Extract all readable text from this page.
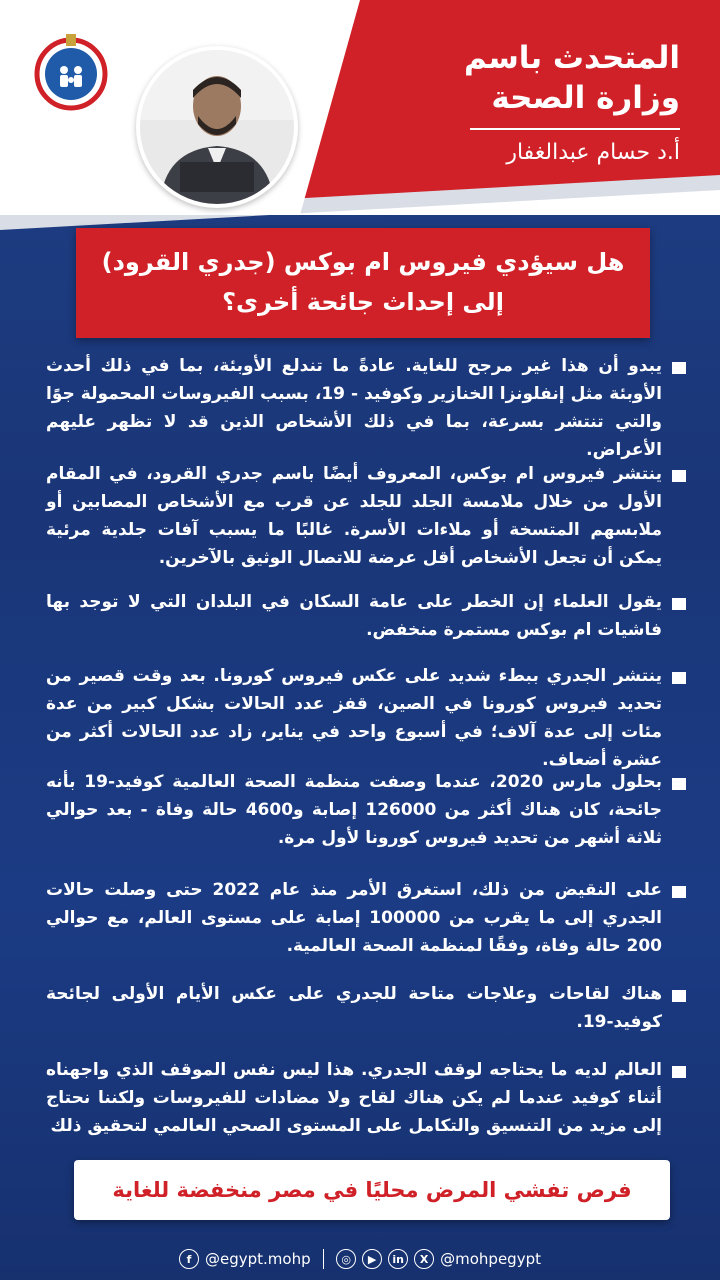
المتحدث باسم
وزارة الصحة
أ.د حسام عبدالغفار
هل سيؤدي فيروس ام بوكس (جدري القرود)
إلى إحداث جائحة أخرى؟
يبدو أن هذا غير مرجح للغاية. عادةً ما تندلع الأوبئة، بما في ذلك أحدث الأوبئة مثل إنفلونزا الخنازير وكوفيد - 19، بسبب الفيروسات المحمولة جوًا والتي تنتشر بسرعة، بما في ذلك الأشخاص الذين قد لا تظهر عليهم الأعراض.
ينتشر فيروس ام بوكس، المعروف أيضًا باسم جدري القرود، في المقام الأول من خلال ملامسة الجلد للجلد عن قرب مع الأشخاص المصابين أو ملابسهم المتسخة أو ملاءات الأسرة. غالبًا ما يسبب آفات جلدية مرئية يمكن أن تجعل الأشخاص أقل عرضة للاتصال الوثيق بالآخرين.
يقول العلماء إن الخطر على عامة السكان في البلدان التي لا توجد بها فاشيات ام بوكس مستمرة منخفض.
ينتشر الجدري ببطء شديد على عكس فيروس كورونا. بعد وقت قصير من تحديد فيروس كورونا في الصين، قفز عدد الحالات بشكل كبير من عدة مئات إلى عدة آلاف؛ في أسبوع واحد في يناير، زاد عدد الحالات أكثر من عشرة أضعاف.
بحلول مارس 2020، عندما وصفت منظمة الصحة العالمية كوفيد-19 بأنه جائحة، كان هناك أكثر من 126000 إصابة و4600 حالة وفاة - بعد حوالي ثلاثة أشهر من تحديد فيروس كورونا لأول مرة.
على النقيض من ذلك، استغرق الأمر منذ عام 2022 حتى وصلت حالات الجدري إلى ما يقرب من 100000 إصابة على مستوى العالم، مع حوالي 200 حالة وفاة، وفقًا لمنظمة الصحة العالمية.
هناك لقاحات وعلاجات متاحة للجدري على عكس الأيام الأولى لجائحة كوفيد-19.
العالم لديه ما يحتاجه لوقف الجدري. هذا ليس نفس الموقف الذي واجهناه أثناء كوفيد عندما لم يكن هناك لقاح ولا مضادات للفيروسات ولكننا نحتاج إلى مزيد من التنسيق والتكامل على المستوى الصحي العالمي لتحقيق ذلك
فرص تفشي المرض محليًا في مصر منخفضة للغاية
f @egypt.mohp	◎	▶	in	X @mohpegypt
